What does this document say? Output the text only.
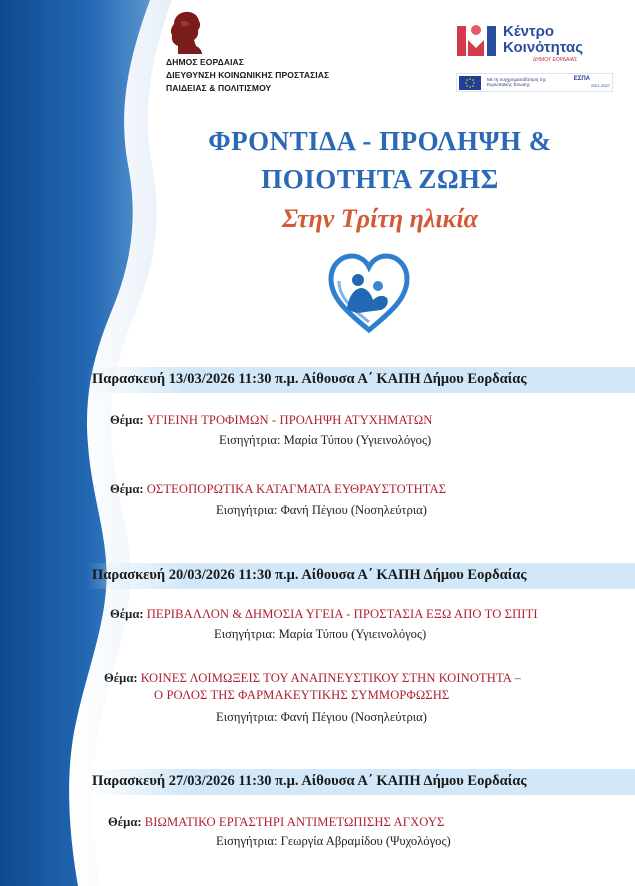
ΔΗΜΟΣ ΕΟΡΔΑΙΑΣ
ΔΙΕΥΘΥΝΣΗ ΚΟΙΝΩΝΙΚΗΣ ΠΡΟΣΤΑΣΙΑΣ
ΠΑΙΔΕΙΑΣ & ΠΟΛΙΤΙΣΜΟΥ
Κέντρο
Κοινότητας
ΔΗΜΟΥ ΕΟΡΔΑΙΑΣ
Με τη συγχρηματοδότηση της Ευρωπαϊκής Ένωσης
ΕΣΠΑ
2021-2027
ΦΡΟΝΤΙΔΑ - ΠΡΟΛΗΨΗ &
ΠΟΙΟΤΗΤΑ ΖΩΗΣ
Στην Τρίτη ηλικία
Παρασκευή 13/03/2026 11:30 π.μ. Αίθουσα Α΄ ΚΑΠΗ Δήμου Εορδαίας
Θέμα: ΥΓΙΕΙΝΗ ΤΡΟΦΙΜΩΝ - ΠΡΟΛΗΨΗ ΑΤΥΧΗΜΑΤΩΝ
Εισηγήτρια: Μαρία Τύπου (Υγιεινολόγος)
Θέμα: ΟΣΤΕΟΠΟΡΩΤΙΚΑ ΚΑΤΑΓΜΑΤΑ ΕΥΘΡΑΥΣΤΟΤΗΤΑΣ
Εισηγήτρια: Φανή Πέγιου (Νοσηλεύτρια)
Παρασκευή 20/03/2026 11:30 π.μ. Αίθουσα Α΄ ΚΑΠΗ Δήμου Εορδαίας
Θέμα: ΠΕΡΙΒΑΛΛΟΝ & ΔΗΜΟΣΙΑ ΥΓΕΙΑ - ΠΡΟΣΤΑΣΙΑ ΕΞΩ ΑΠΟ ΤΟ ΣΠΙΤΙ
Εισηγήτρια: Μαρία Τύπου (Υγιεινολόγος)
Θέμα: ΚΟΙΝΕΣ ΛΟΙΜΩΞΕΙΣ ΤΟΥ ΑΝΑΠΝΕΥΣΤΙΚΟΥ ΣΤΗΝ ΚΟΙΝΟΤΗΤΑ –
Ο ΡΟΛΟΣ ΤΗΣ ΦΑΡΜΑΚΕΥΤΙΚΗΣ ΣΥΜΜΟΡΦΩΣΗΣ
Εισηγήτρια: Φανή Πέγιου (Νοσηλεύτρια)
Παρασκευή 27/03/2026 11:30 π.μ. Αίθουσα Α΄ ΚΑΠΗ Δήμου Εορδαίας
Θέμα: ΒΙΩΜΑΤΙΚΟ ΕΡΓΑΣΤΗΡΙ ΑΝΤΙΜΕΤΩΠΙΣΗΣ ΑΓΧΟΥΣ
Εισηγήτρια: Γεωργία Αβραμίδου (Ψυχολόγος)
